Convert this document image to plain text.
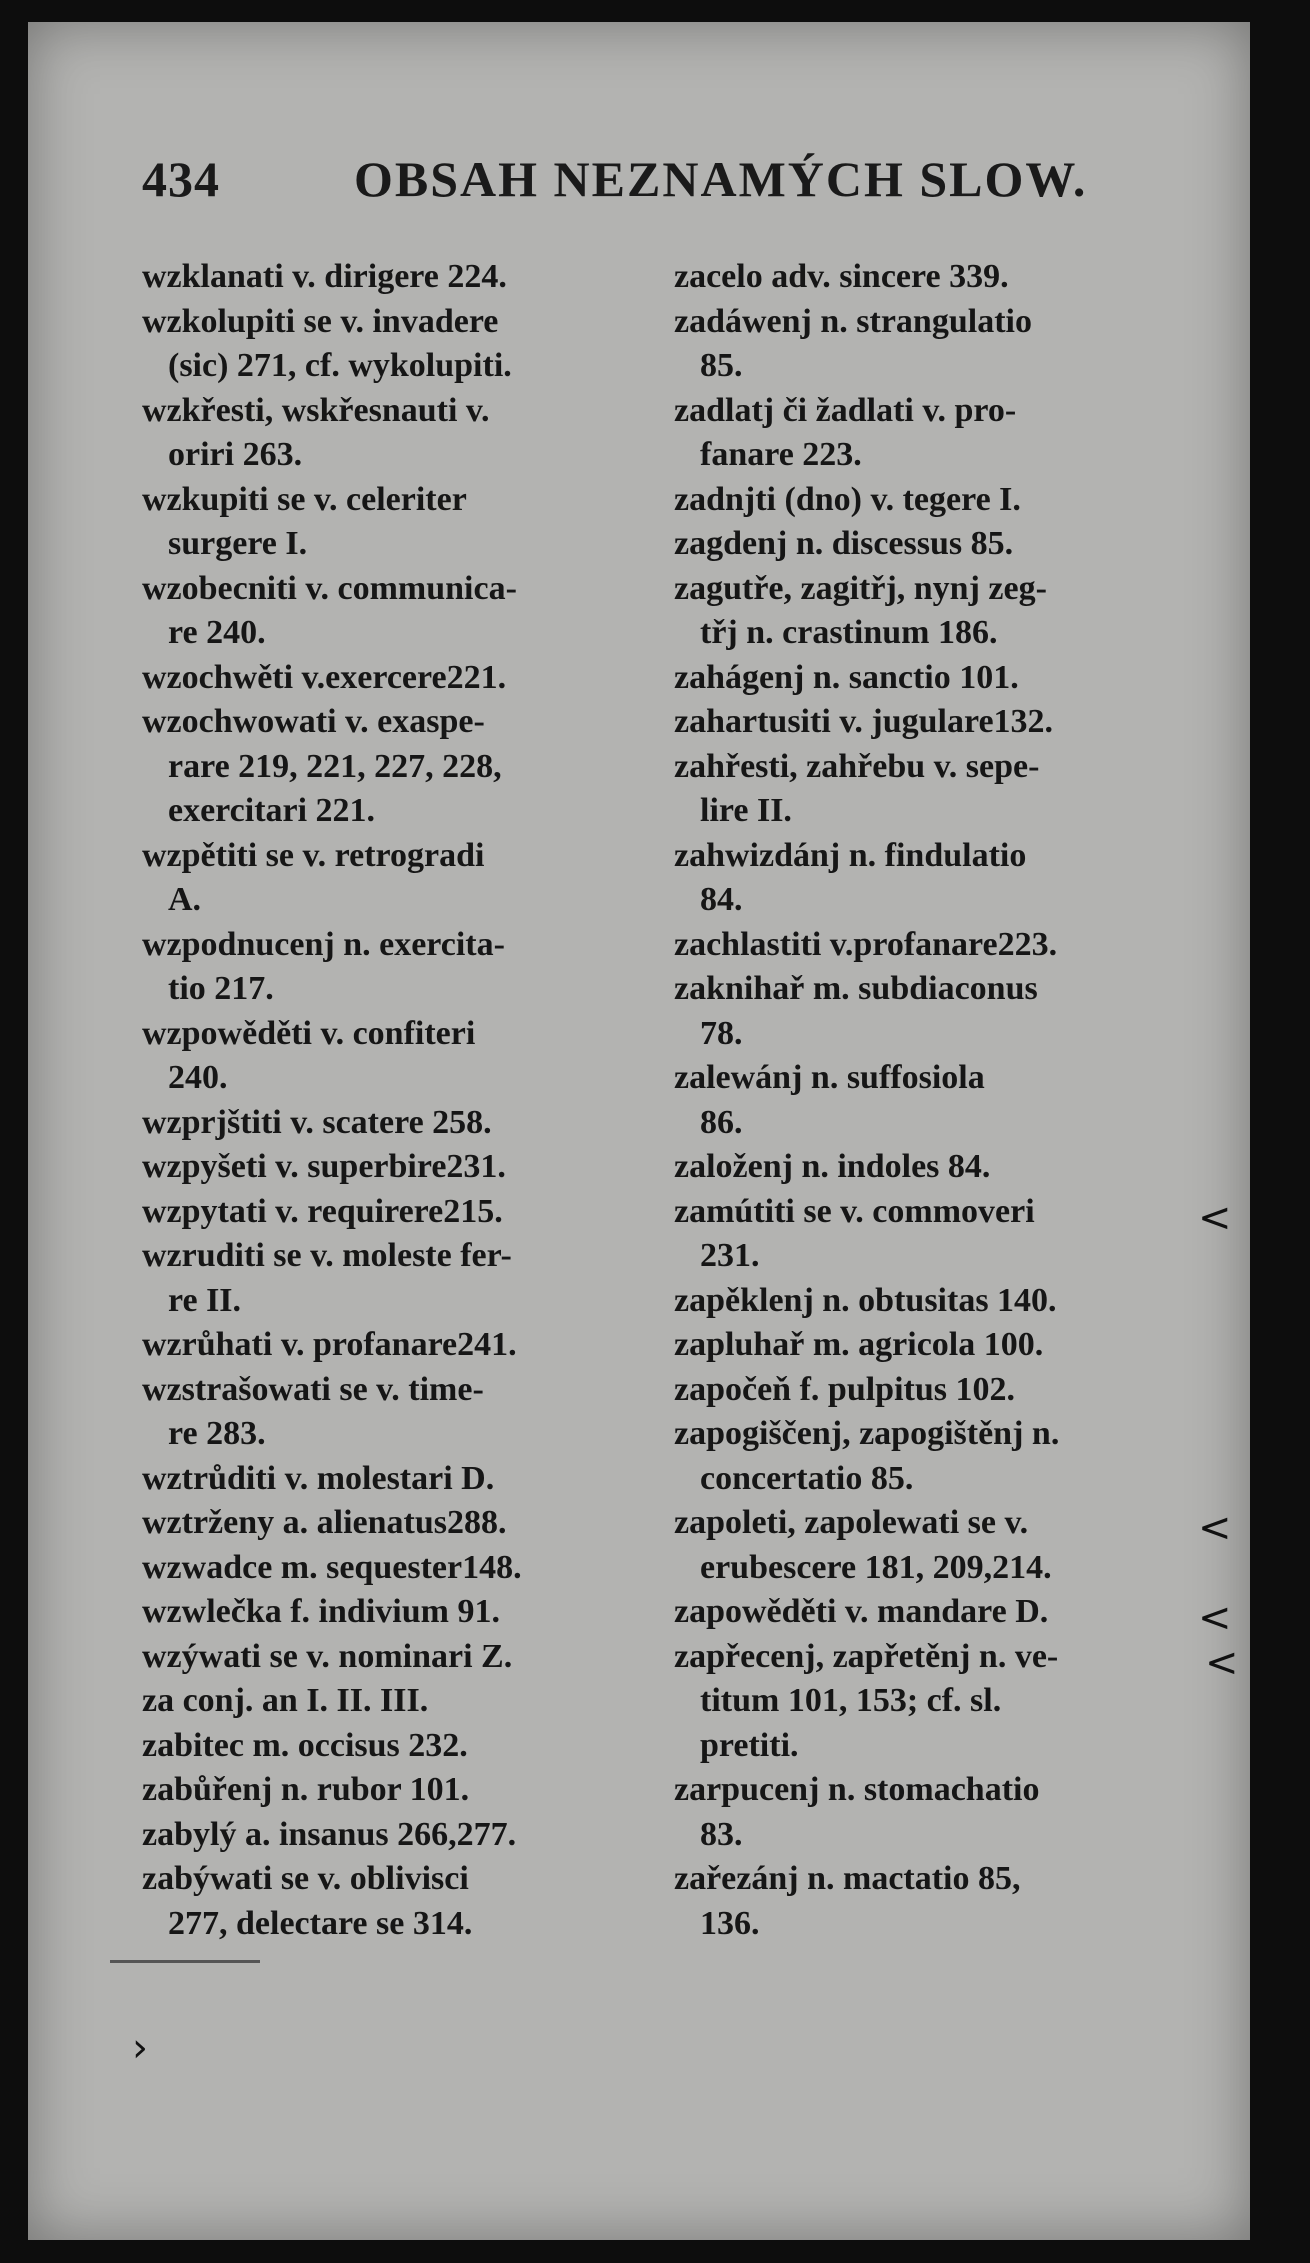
434	OBSAH NEZNAMÝCH SLOW.
wzklanati v. dirigere 224.
wzkolupiti se v. invadere
(sic) 271, cf. wykolupiti.
wzkřesti, wskřesnauti v.
oriri 263.
wzkupiti se v. celeriter
surgere I.
wzobecniti v. communica-
re 240.
wzochwěti v.exercere221.
wzochwowati v. exaspe-
rare 219, 221, 227, 228,
exercitari 221.
wzpětiti se v. retrogradi
A.
wzpodnucenj n. exercita-
tio 217.
wzpowěděti v. confiteri
240.
wzprjštiti v. scatere 258.
wzpyšeti v. superbire231.
wzpytati v. requirere215.
wzruditi se v. moleste fer-
re II.
wzrůhati v. profanare241.
wzstrašowati se v. time-
re 283.
wztrůditi v. molestari D.
wztrženy a. alienatus288.
wzwadce m. sequester148.
wzwlečka f. indivium 91.
wzýwati se v. nominari Z.
za conj. an I. II. III.
zabitec m. occisus 232.
zabůřenj n. rubor 101.
zabylý a. insanus 266,277.
zabýwati se v. oblivisci
277, delectare se 314.
zacelo adv. sincere 339.
zadáwenj n. strangulatio
85.
zadlatj či žadlati v. pro-
fanare 223.
zadnjti (dno) v. tegere I.
zagdenj n. discessus 85.
zagutře, zagitřj, nynj zeg-
třj n. crastinum 186.
zahágenj n. sanctio 101.
zahartusiti v. jugulare132.
zahřesti, zahřebu v. sepe-
lire II.
zahwizdánj n. findulatio
84.
zachlastiti v.profanare223.
zaknihař m. subdiaconus
78.
zalewánj n. suffosiola
86.
založenj n. indoles 84.
zamútiti se v. commoveri
231.
zapěklenj n. obtusitas 140.
zapluhař m. agricola 100.
započeň f. pulpitus 102.
zapogiščenj, zapogištěnj n.
concertatio 85.
zapoleti, zapolewati se v.
erubescere 181, 209,214.
zapowěděti v. mandare D.
zapřecenj, zapřetěnj n. ve-
titum 101, 153; cf. sl.
pretiti.
zarpucenj n. stomachatio
83.
zařezánj n. mactatio 85,
136.
›
<
<
<
<
